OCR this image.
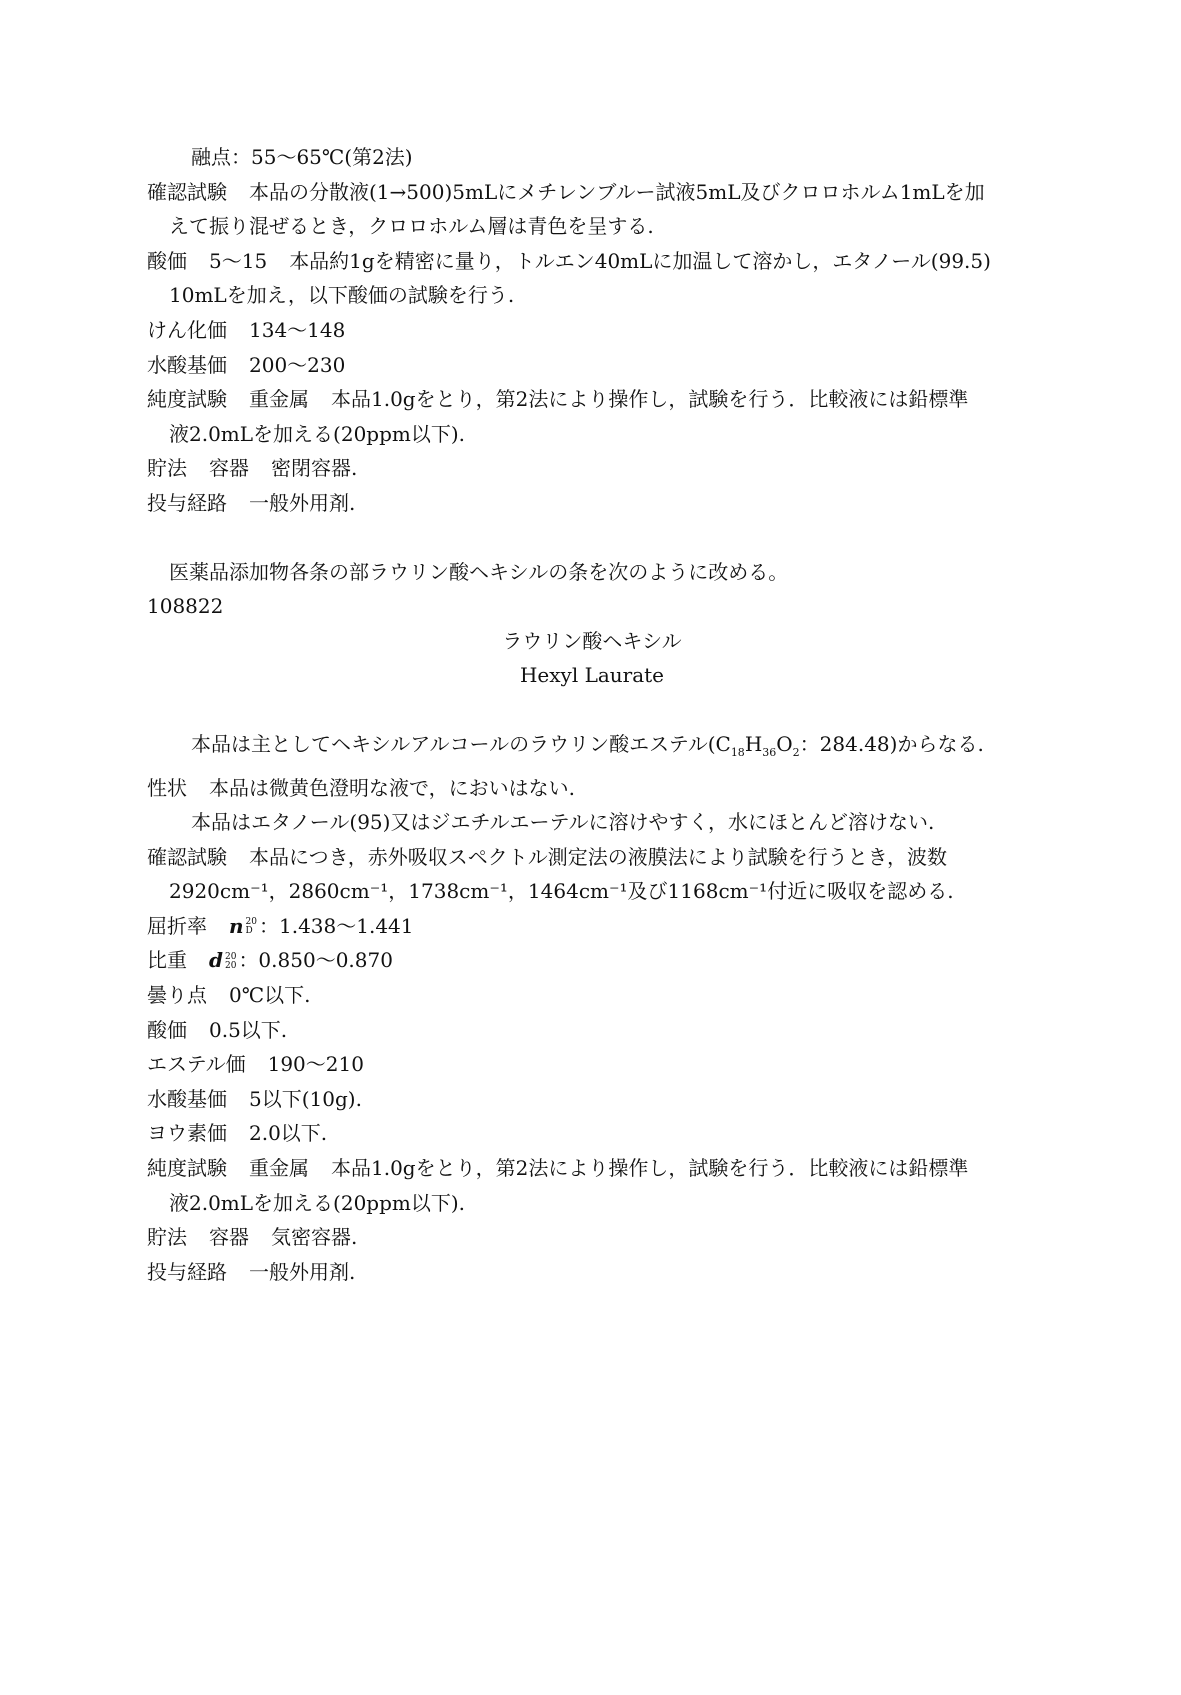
融点：55～65℃(第2法)
確認試験 本品の分散液(1→500)5mLにメチレンブルー試液5mL及びクロロホルム1mLを加
えて振り混ぜるとき，クロロホルム層は青色を呈する.
酸価 5～15 本品約1gを精密に量り，トルエン40mLに加温して溶かし，エタノール(99.5)
10mLを加え，以下酸価の試験を行う.
けん化価 134～148
水酸基価 200～230
純度試験 重金属 本品1.0gをとり，第2法により操作し，試験を行う．比較液には鉛標準
液2.0mLを加える(20ppm以下).
貯法 容器 密閉容器.
投与経路 一般外用剤.
医薬品添加物各条の部ラウリン酸ヘキシルの条を次のように改める。
108822
ラウリン酸ヘキシル
Hexyl Laurate
本品は主としてヘキシルアルコールのラウリン酸エステル($C_{18}H_{36}O_2$：284.48)からなる.
性状 本品は微黄色澄明な液で，においはない.
本品はエタノール(95)又はジエチルエーテルに溶けやすく，水にほとんど溶けない.
確認試験 本品につき，赤外吸収スペクトル測定法の液膜法により試験を行うとき，波数
2920cm⁻¹，2860cm⁻¹，1738cm⁻¹，1464cm⁻¹及び1168cm⁻¹付近に吸収を認める.
屈折率 n 20
D ：1.438～1.441
比重 d 20
20 ：0.850～0.870
曇り点 0℃以下.
酸価 0.5以下.
エステル価 190～210
水酸基価 5以下(10g).
ヨウ素価 2.0以下.
純度試験 重金属 本品1.0gをとり，第2法により操作し，試験を行う．比較液には鉛標準
液2.0mLを加える(20ppm以下).
貯法 容器 気密容器.
投与経路 一般外用剤.
